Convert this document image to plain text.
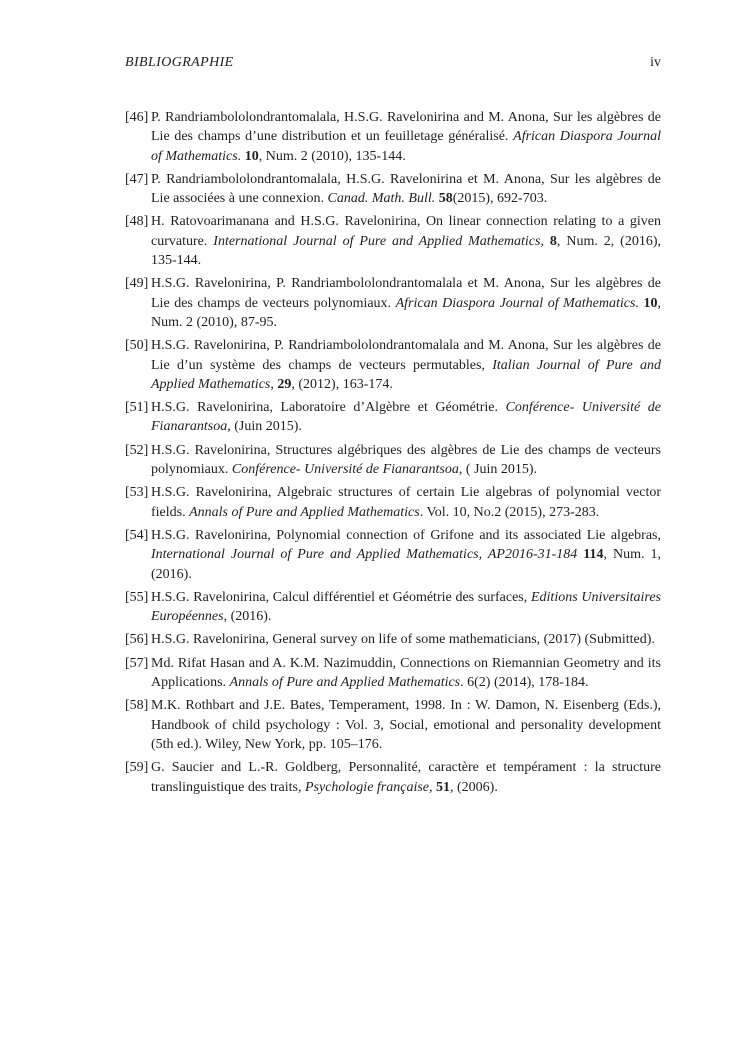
BIBLIOGRAPHIE	iv
[46] P. Randriambololondrantomalala, H.S.G. Ravelonirina and M. Anona, Sur les algèbres de Lie des champs d’une distribution et un feuilletage généralisé. African Diaspora Journal of Mathematics. 10, Num. 2 (2010), 135-144.
[47] P. Randriambololondrantomalala, H.S.G. Ravelonirina et M. Anona, Sur les algèbres de Lie associées à une connexion. Canad. Math. Bull. 58(2015), 692-703.
[48] H. Ratovoarimanana and H.S.G. Ravelonirina, On linear connection relating to a given curvature. International Journal of Pure and Applied Mathematics, 8, Num. 2, (2016), 135-144.
[49] H.S.G. Ravelonirina, P. Randriambololondrantomalala et M. Anona, Sur les algèbres de Lie des champs de vecteurs polynomiaux. African Diaspora Journal of Mathematics. 10, Num. 2 (2010), 87-95.
[50] H.S.G. Ravelonirina, P. Randriambololondrantomalala and M. Anona, Sur les algèbres de Lie d’un système des champs de vecteurs permutables, Italian Journal of Pure and Applied Mathematics, 29, (2012), 163-174.
[51] H.S.G. Ravelonirina, Laboratoire d’Algèbre et Géométrie. Conférence- Université de Fianarantsoa, (Juin 2015).
[52] H.S.G. Ravelonirina, Structures algébriques des algèbres de Lie des champs de vecteurs polynomiaux. Conférence- Université de Fianarantsoa, ( Juin 2015).
[53] H.S.G. Ravelonirina, Algebraic structures of certain Lie algebras of polynomial vector fields. Annals of Pure and Applied Mathematics. Vol. 10, No.2 (2015), 273-283.
[54] H.S.G. Ravelonirina, Polynomial connection of Grifone and its associated Lie algebras, International Journal of Pure and Applied Mathematics, AP2016-31-184 114, Num. 1, (2016).
[55] H.S.G. Ravelonirina, Calcul différentiel et Géométrie des surfaces, Editions Universitaires Européennes, (2016).
[56] H.S.G. Ravelonirina, General survey on life of some mathematicians, (2017) (Submitted).
[57] Md. Rifat Hasan and A. K.M. Nazimuddin, Connections on Riemannian Geometry and its Applications. Annals of Pure and Applied Mathematics. 6(2) (2014), 178-184.
[58] M.K. Rothbart and J.E. Bates, Temperament, 1998. In : W. Damon, N. Eisenberg (Eds.), Handbook of child psychology : Vol. 3, Social, emotional and personality development (5th ed.). Wiley, New York, pp. 105–176.
[59] G. Saucier and L.-R. Goldberg, Personnalité, caractère et tempérament : la structure translinguistique des traits, Psychologie française, 51, (2006).
